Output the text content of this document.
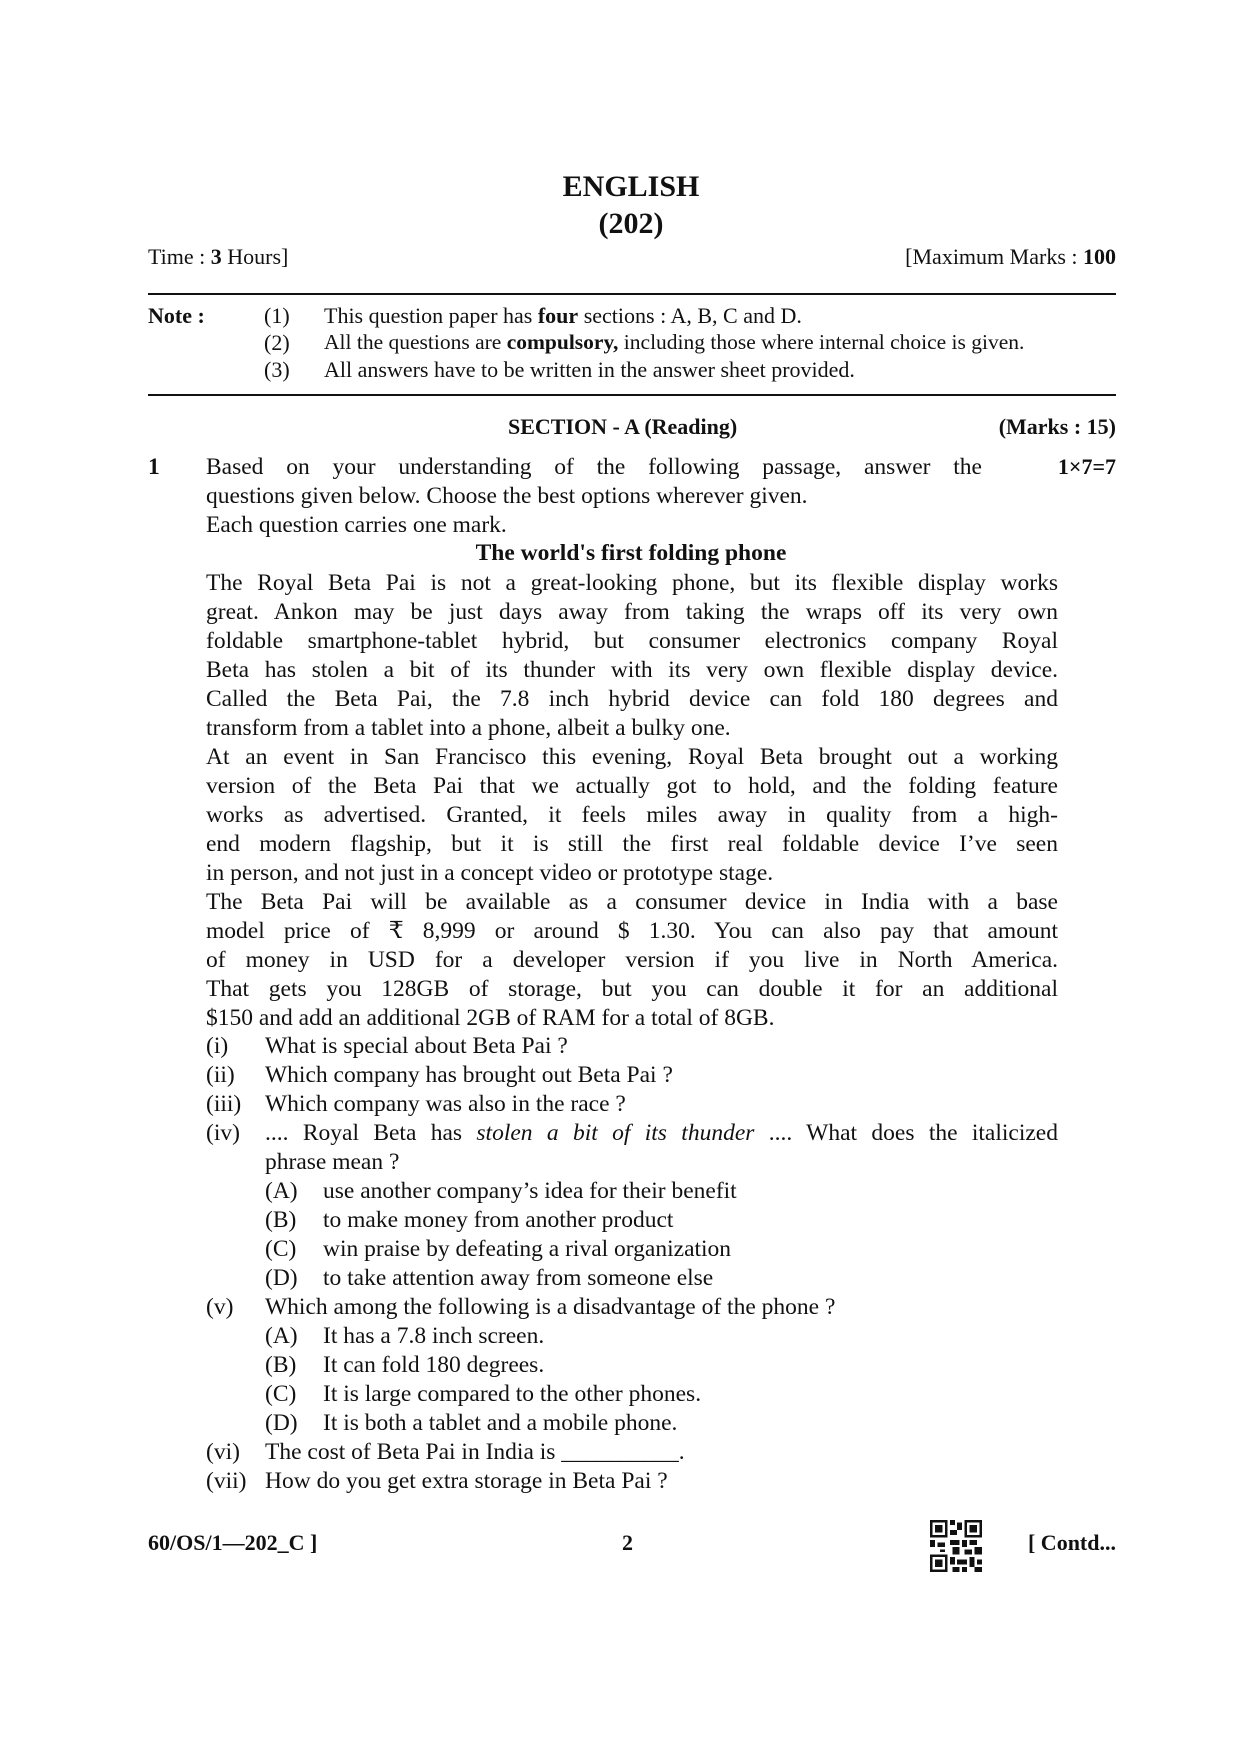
ENGLISH
(202)
Time : 3 Hours]	[Maximum Marks : 100
Note :	(1) This question paper has four sections : A, B, C and D.
(2) All the questions are compulsory, including those where internal choice is given.
(3) All answers have to be written in the answer sheet provided.
SECTION - A (Reading)	(Marks : 15)
1	1×7=7
Based on your understanding of the following passage, answer the
questions given below. Choose the best options wherever given.
Each question carries one mark.
The world's first folding phone
The Royal Beta Pai is not a great-looking phone, but its flexible display works
great. Ankon may be just days away from taking the wraps off its very own
foldable smartphone-tablet hybrid, but consumer electronics company Royal
Beta has stolen a bit of its thunder with its very own flexible display device.
Called the Beta Pai, the 7.8 inch hybrid device can fold 180 degrees and
transform from a tablet into a phone, albeit a bulky one.
At an event in San Francisco this evening, Royal Beta brought out a working
version of the Beta Pai that we actually got to hold, and the folding feature
works as advertised. Granted, it feels miles away in quality from a high-
end modern flagship, but it is still the first real foldable device I’ve seen
in person, and not just in a concept video or prototype stage.
The Beta Pai will be available as a consumer device in India with a base
model price of ₹ 8,999 or around $ 1.30. You can also pay that amount
of money in USD for a developer version if you live in North America.
That gets you 128GB of storage, but you can double it for an additional
$150 and add an additional 2GB of RAM for a total of 8GB.
(i) What is special about Beta Pai ?
(ii) Which company has brought out Beta Pai ?
(iii) Which company was also in the race ?
(iv) .... Royal Beta has stolen a bit of its thunder .... What does the italicized
phrase mean ?
(A) use another company’s idea for their benefit
(B) to make money from another product
(C) win praise by defeating a rival organization
(D) to take attention away from someone else
(v) Which among the following is a disadvantage of the phone ?
(A) It has a 7.8 inch screen.
(B) It can fold 180 degrees.
(C) It is large compared to the other phones.
(D) It is both a tablet and a mobile phone.
(vi) The cost of Beta Pai in India is __________.
(vii) How do you get extra storage in Beta Pai ?
60/OS/1—202_C ]	2	[ Contd...
